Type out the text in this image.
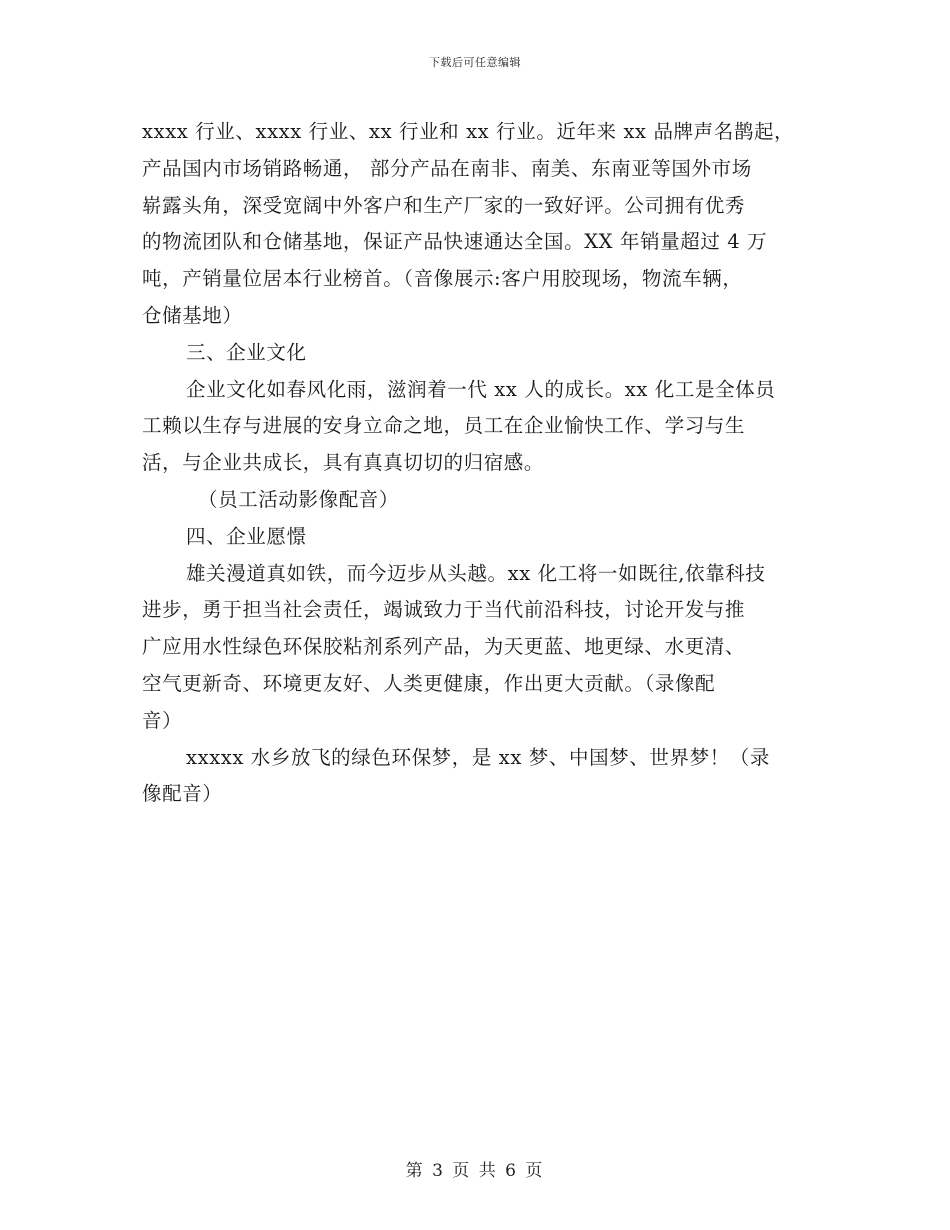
下载后可任意编辑
xxxx 行业、xxxx 行业、xx 行业和 xx 行业。近年来 xx 品牌声名鹊起，
产品国内市场销路畅通， 部分产品在南非、南美、东南亚等国外市场
崭露头角，深受宽阔中外客户和生产厂家的一致好评。公司拥有优秀
的物流团队和仓储基地，保证产品快速通达全国。XX 年销量超过 4 万
吨，产销量位居本行业榜首。（音像展示:客户用胶现场，物流车辆，
仓储基地）
三、企业文化
企业文化如春风化雨，滋润着一代 xx 人的成长。xx 化工是全体员
工赖以生存与进展的安身立命之地，员工在企业愉快工作、学习与生
活，与企业共成长，具有真真切切的归宿感。
（员工活动影像配音）
四、企业愿憬
雄关漫道真如铁，而今迈步从头越。xx 化工将一如既往,依靠科技
进步，勇于担当社会责任，竭诚致力于当代前沿科技，讨论开发与推
广应用水性绿色环保胶粘剂系列产品，为天更蓝、地更绿、水更清、
空气更新奇、环境更友好、人类更健康，作出更大贡献。（录像配
音）
xxxxx 水乡放飞的绿色环保梦，是 xx 梦、中国梦、世界梦！（录
像配音）
第 3 页 共 6 页
